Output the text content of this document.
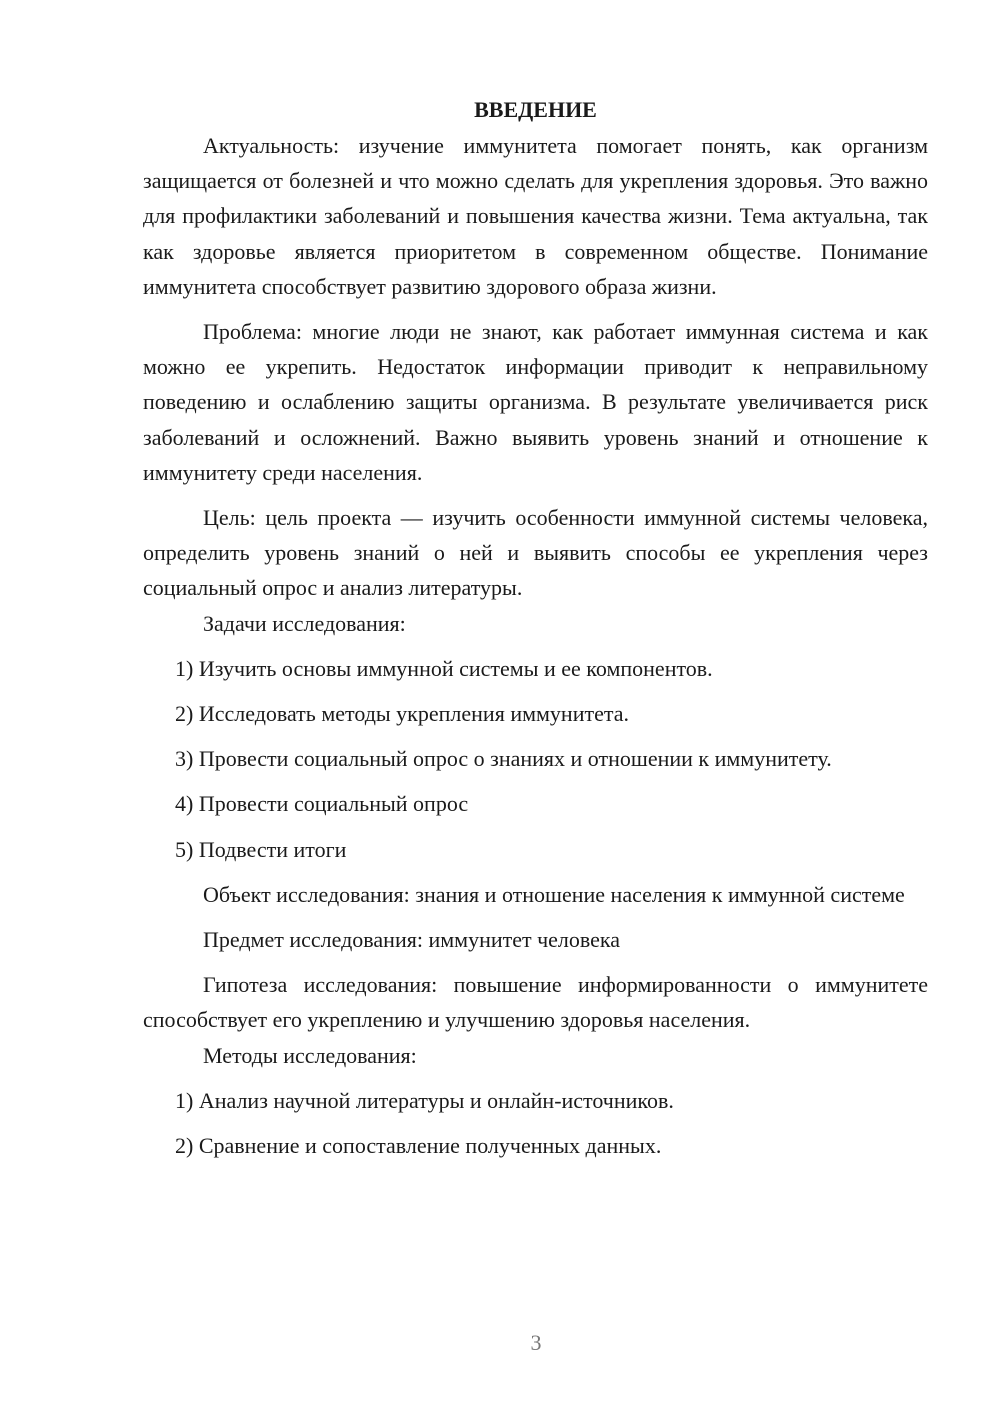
ВВЕДЕНИЕ

Актуальность: изучение иммунитета помогает понять, как организм защищается от болезней и что можно сделать для укрепления здоровья. Это важно для профилактики заболеваний и повышения качества жизни. Тема актуальна, так как здоровье является приоритетом в современном обществе. Понимание иммунитета способствует развитию здорового образа жизни.

Проблема: многие люди не знают, как работает иммунная система и как можно ее укрепить. Недостаток информации приводит к неправильному поведению и ослаблению защиты организма. В результате увеличивается риск заболеваний и осложнений. Важно выявить уровень знаний и отношение к иммунитету среди населения.

Цель: цель проекта — изучить особенности иммунной системы человека, определить уровень знаний о ней и выявить способы ее укрепления через социальный опрос и анализ литературы.

Задачи исследования:

1) Изучить основы иммунной системы и ее компонентов.

2) Исследовать методы укрепления иммунитета.

3) Провести социальный опрос о знаниях и отношении к иммунитету.

4) Провести социальный опрос

5) Подвести итоги

Объект исследования: знания и отношение населения к иммунной системе

Предмет исследования: иммунитет человека

Гипотеза исследования: повышение информированности о иммунитете способствует его укреплению и улучшению здоровья населения.

Методы исследования:

1) Анализ научной литературы и онлайн-источников.

2) Сравнение и сопоставление полученных данных.

3
